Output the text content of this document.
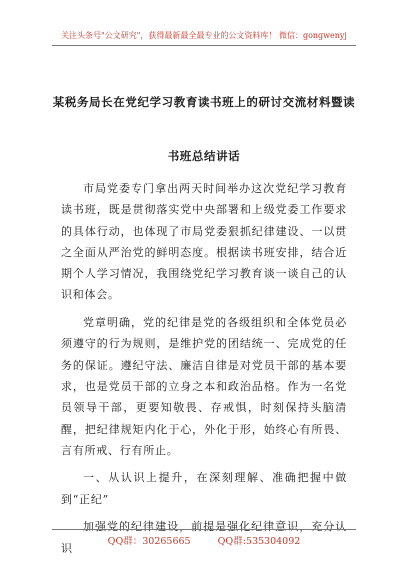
关注头条号"公文研究"，获得最新最全最专业的公文资料库！ 微信：gongwenyj
某税务局长在党纪学习教育读书班上的研讨交流材料暨读
书班总结讲话

市局党委专门拿出两天时间举办这次党纪学习教育读书班，既是贯彻落实党中央部署和上级党委工作要求的具体行动，也体现了市局党委狠抓纪律建设、一以贯之全面从严治党的鲜明态度。根据读书班安排，结合近期个人学习情况，我围绕党纪学习教育谈一谈自己的认识和体会。

党章明确，党的纪律是党的各级组织和全体党员必须遵守的行为规则，是维护党的团结统一、完成党的任务的保证。遵纪守法、廉洁自律是对党员干部的基本要求，也是党员干部的立身之本和政治品格。作为一名党员领导干部，更要知敬畏、存戒惧，时刻保持头脑清醒，把纪律规矩内化于心，外化于形，始终心有所畏、言有所戒、行有所止。

一、从认识上提升，在深刻理解、准确把握中做到“正纪”

加强党的纪律建设，前提是强化纪律意识，充分认识

QQ群：30265665	QQ群:535304092
